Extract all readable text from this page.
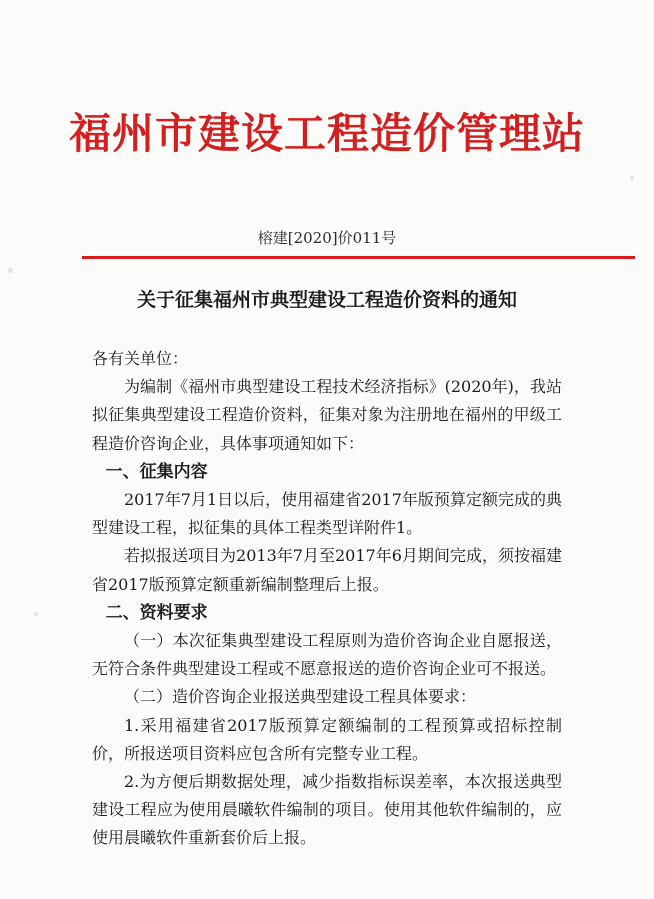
福州市建设工程造价管理站
榕建[2020]价011号
关于征集福州市典型建设工程造价资料的通知

各有关单位：

为编制《福州市典型建设工程技术经济指标》(2020年)，我站拟征集典型建设工程造价资料，征集对象为注册地在福州的甲级工程造价咨询企业，具体事项通知如下：

一、征集内容

2017年7月1日以后，使用福建省2017年版预算定额完成的典型建设工程，拟征集的具体工程类型详附件1。

若拟报送项目为2013年7月至2017年6月期间完成，须按福建省2017版预算定额重新编制整理后上报。

二、资料要求

（一）本次征集典型建设工程原则为造价咨询企业自愿报送，无符合条件典型建设工程或不愿意报送的造价咨询企业可不报送。

（二）造价咨询企业报送典型建设工程具体要求：

1.采用福建省2017版预算定额编制的工程预算或招标控制价，所报送项目资料应包含所有完整专业工程。

2.为方便后期数据处理，减少指数指标误差率，本次报送典型建设工程应为使用晨曦软件编制的项目。使用其他软件编制的，应使用晨曦软件重新套价后上报。
